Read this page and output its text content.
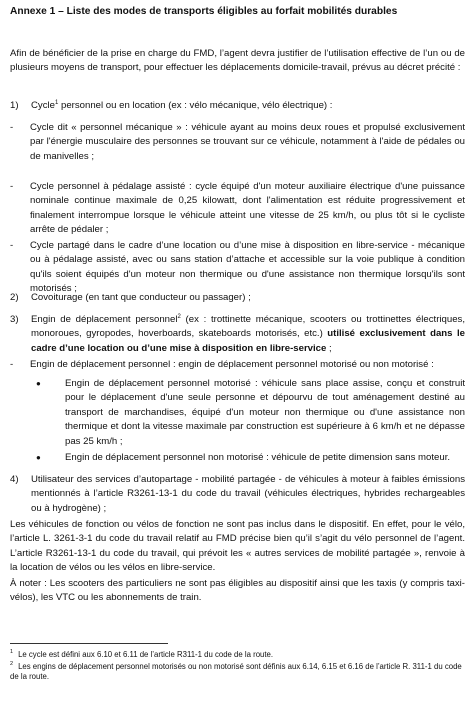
Annexe 1 – Liste des modes de transports éligibles au forfait mobilités durables
Afin de bénéficier de la prise en charge du FMD, l’agent devra justifier de l’utilisation effective de l’un ou de plusieurs moyens de transport, pour effectuer les déplacements domicile-travail, prévus au décret précité :
1) Cycle$^1$ personnel ou en location (ex : vélo mécanique, vélo électrique) :
- Cycle dit « personnel mécanique » : véhicule ayant au moins deux roues et propulsé exclusivement par l'énergie musculaire des personnes se trouvant sur ce véhicule, notamment à l'aide de pédales ou de manivelles ;
- Cycle personnel à pédalage assisté : cycle équipé d'un moteur auxiliaire électrique d'une puissance nominale continue maximale de 0,25 kilowatt, dont l'alimentation est réduite progressivement et finalement interrompue lorsque le véhicule atteint une vitesse de 25 km/h, ou plus tôt si le cycliste arrête de pédaler ;
- Cycle partagé dans le cadre d’une location ou d’une mise à disposition en libre-service - mécanique ou à pédalage assisté, avec ou sans station d’attache et accessible sur la voie publique à condition qu'ils soient équipés d'un moteur non thermique ou d'une assistance non thermique lorsqu'ils sont motorisés ;
2) Covoiturage (en tant que conducteur ou passager) ;
3) Engin de déplacement personnel$^2$ (ex : trottinette mécanique, scooters ou trottinettes électriques, monoroues, gyropodes, hoverboards, skateboards motorisés, etc.) utilisé exclusivement dans le cadre d’une location ou d’une mise à disposition en libre-service ;
- Engin de déplacement personnel : engin de déplacement personnel motorisé ou non motorisé :
●	Engin de déplacement personnel motorisé : véhicule sans place assise, conçu et construit pour le déplacement d'une seule personne et dépourvu de tout aménagement destiné au transport de marchandises, équipé d'un moteur non thermique ou d'une assistance non thermique et dont la vitesse maximale par construction est supérieure à 6 km/h et ne dépasse pas 25 km/h ;
●	Engin de déplacement personnel non motorisé : véhicule de petite dimension sans moteur.
4) Utilisateur des services d’autopartage - mobilité partagée - de véhicules à moteur à faibles émissions mentionnés à l’article R3261-13-1 du code du travail (véhicules électriques, hybrides rechargeables ou à hydrogène) ;
Les véhicules de fonction ou vélos de fonction ne sont pas inclus dans le dispositif. En effet, pour le vélo, l’article L. 3261-3-1 du code du travail relatif au FMD précise bien qu’il s’agit du vélo personnel de l’agent. L’article R3261-13-1 du code du travail, qui prévoit les « autres services de mobilité partagée », renvoie à la location de vélos ou les vélos en libre-service.
À noter : Les scooters des particuliers ne sont pas éligibles au dispositif ainsi que les taxis (y compris taxi-vélos), les VTC ou les abonnements de train.
$^1$ Le cycle est défini aux 6.10 et 6.11 de l’article R311-1 du code de la route.
$^2$ Les engins de déplacement personnel motorisés ou non motorisé sont définis aux 6.14, 6.15 et 6.16 de l’article R. 311-1 du code de la route.
